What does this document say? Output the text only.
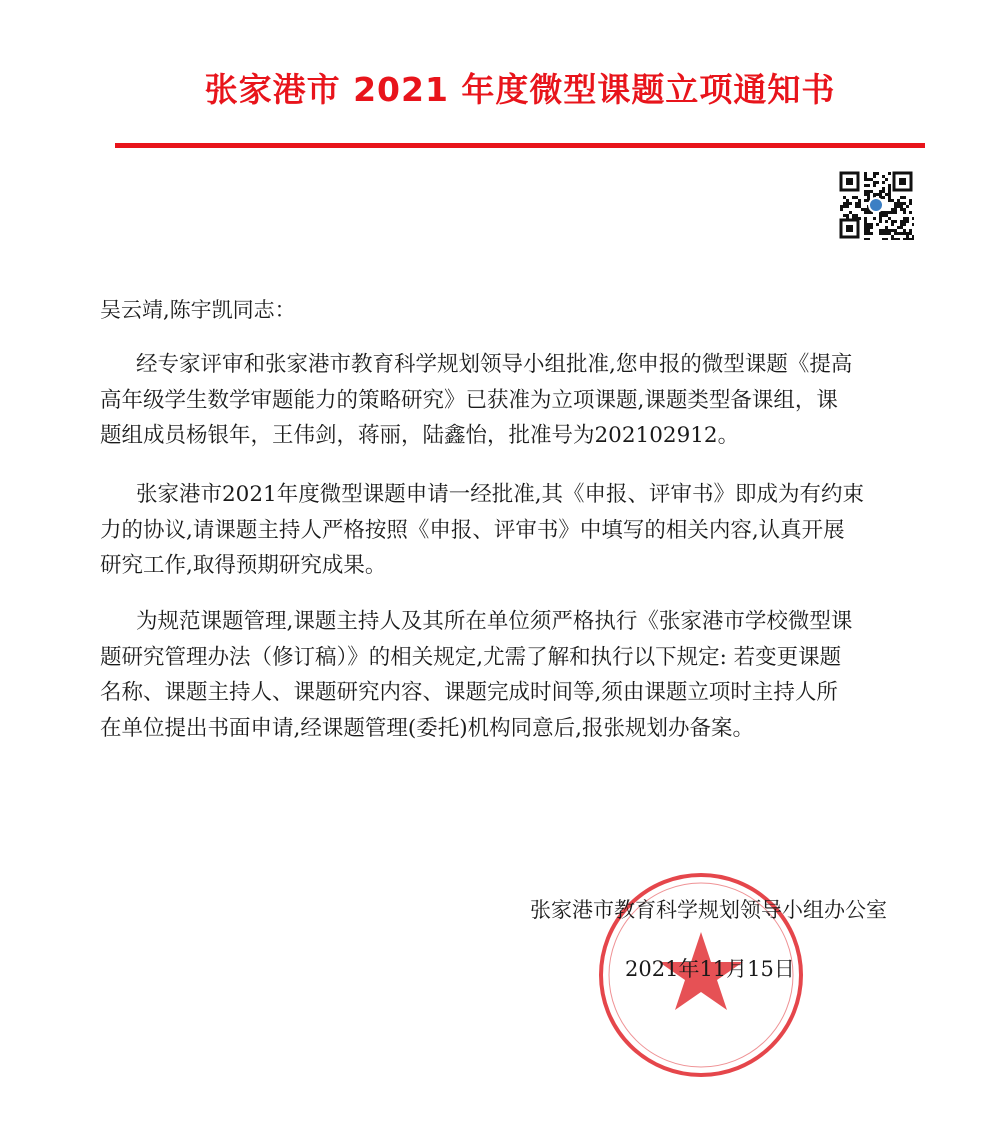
张家港市 2021 年度微型课题立项通知书
吴云靖,陈宇凯同志：
经专家评审和张家港市教育科学规划领导小组批准,您申报的微型课题《提高
高年级学生数学审题能力的策略研究》已获准为立项课题,课题类型备课组，课
题组成员杨银年，王伟剑，蒋丽，陆鑫怡，批准号为202102912。
张家港市2021年度微型课题申请一经批准,其《申报、评审书》即成为有约束
力的协议,请课题主持人严格按照《申报、评审书》中填写的相关内容,认真开展
研究工作,取得预期研究成果。
为规范课题管理,课题主持人及其所在单位须严格执行《张家港市学校微型课
题研究管理办法（修订稿）》的相关规定,尤需了解和执行以下规定: 若变更课题
名称、课题主持人、课题研究内容、课题完成时间等,须由课题立项时主持人所
在单位提出书面申请,经课题管理(委托)机构同意后,报张规划办备案。
张家港市教育科学规划领导小组办公室
2021年11月15日
